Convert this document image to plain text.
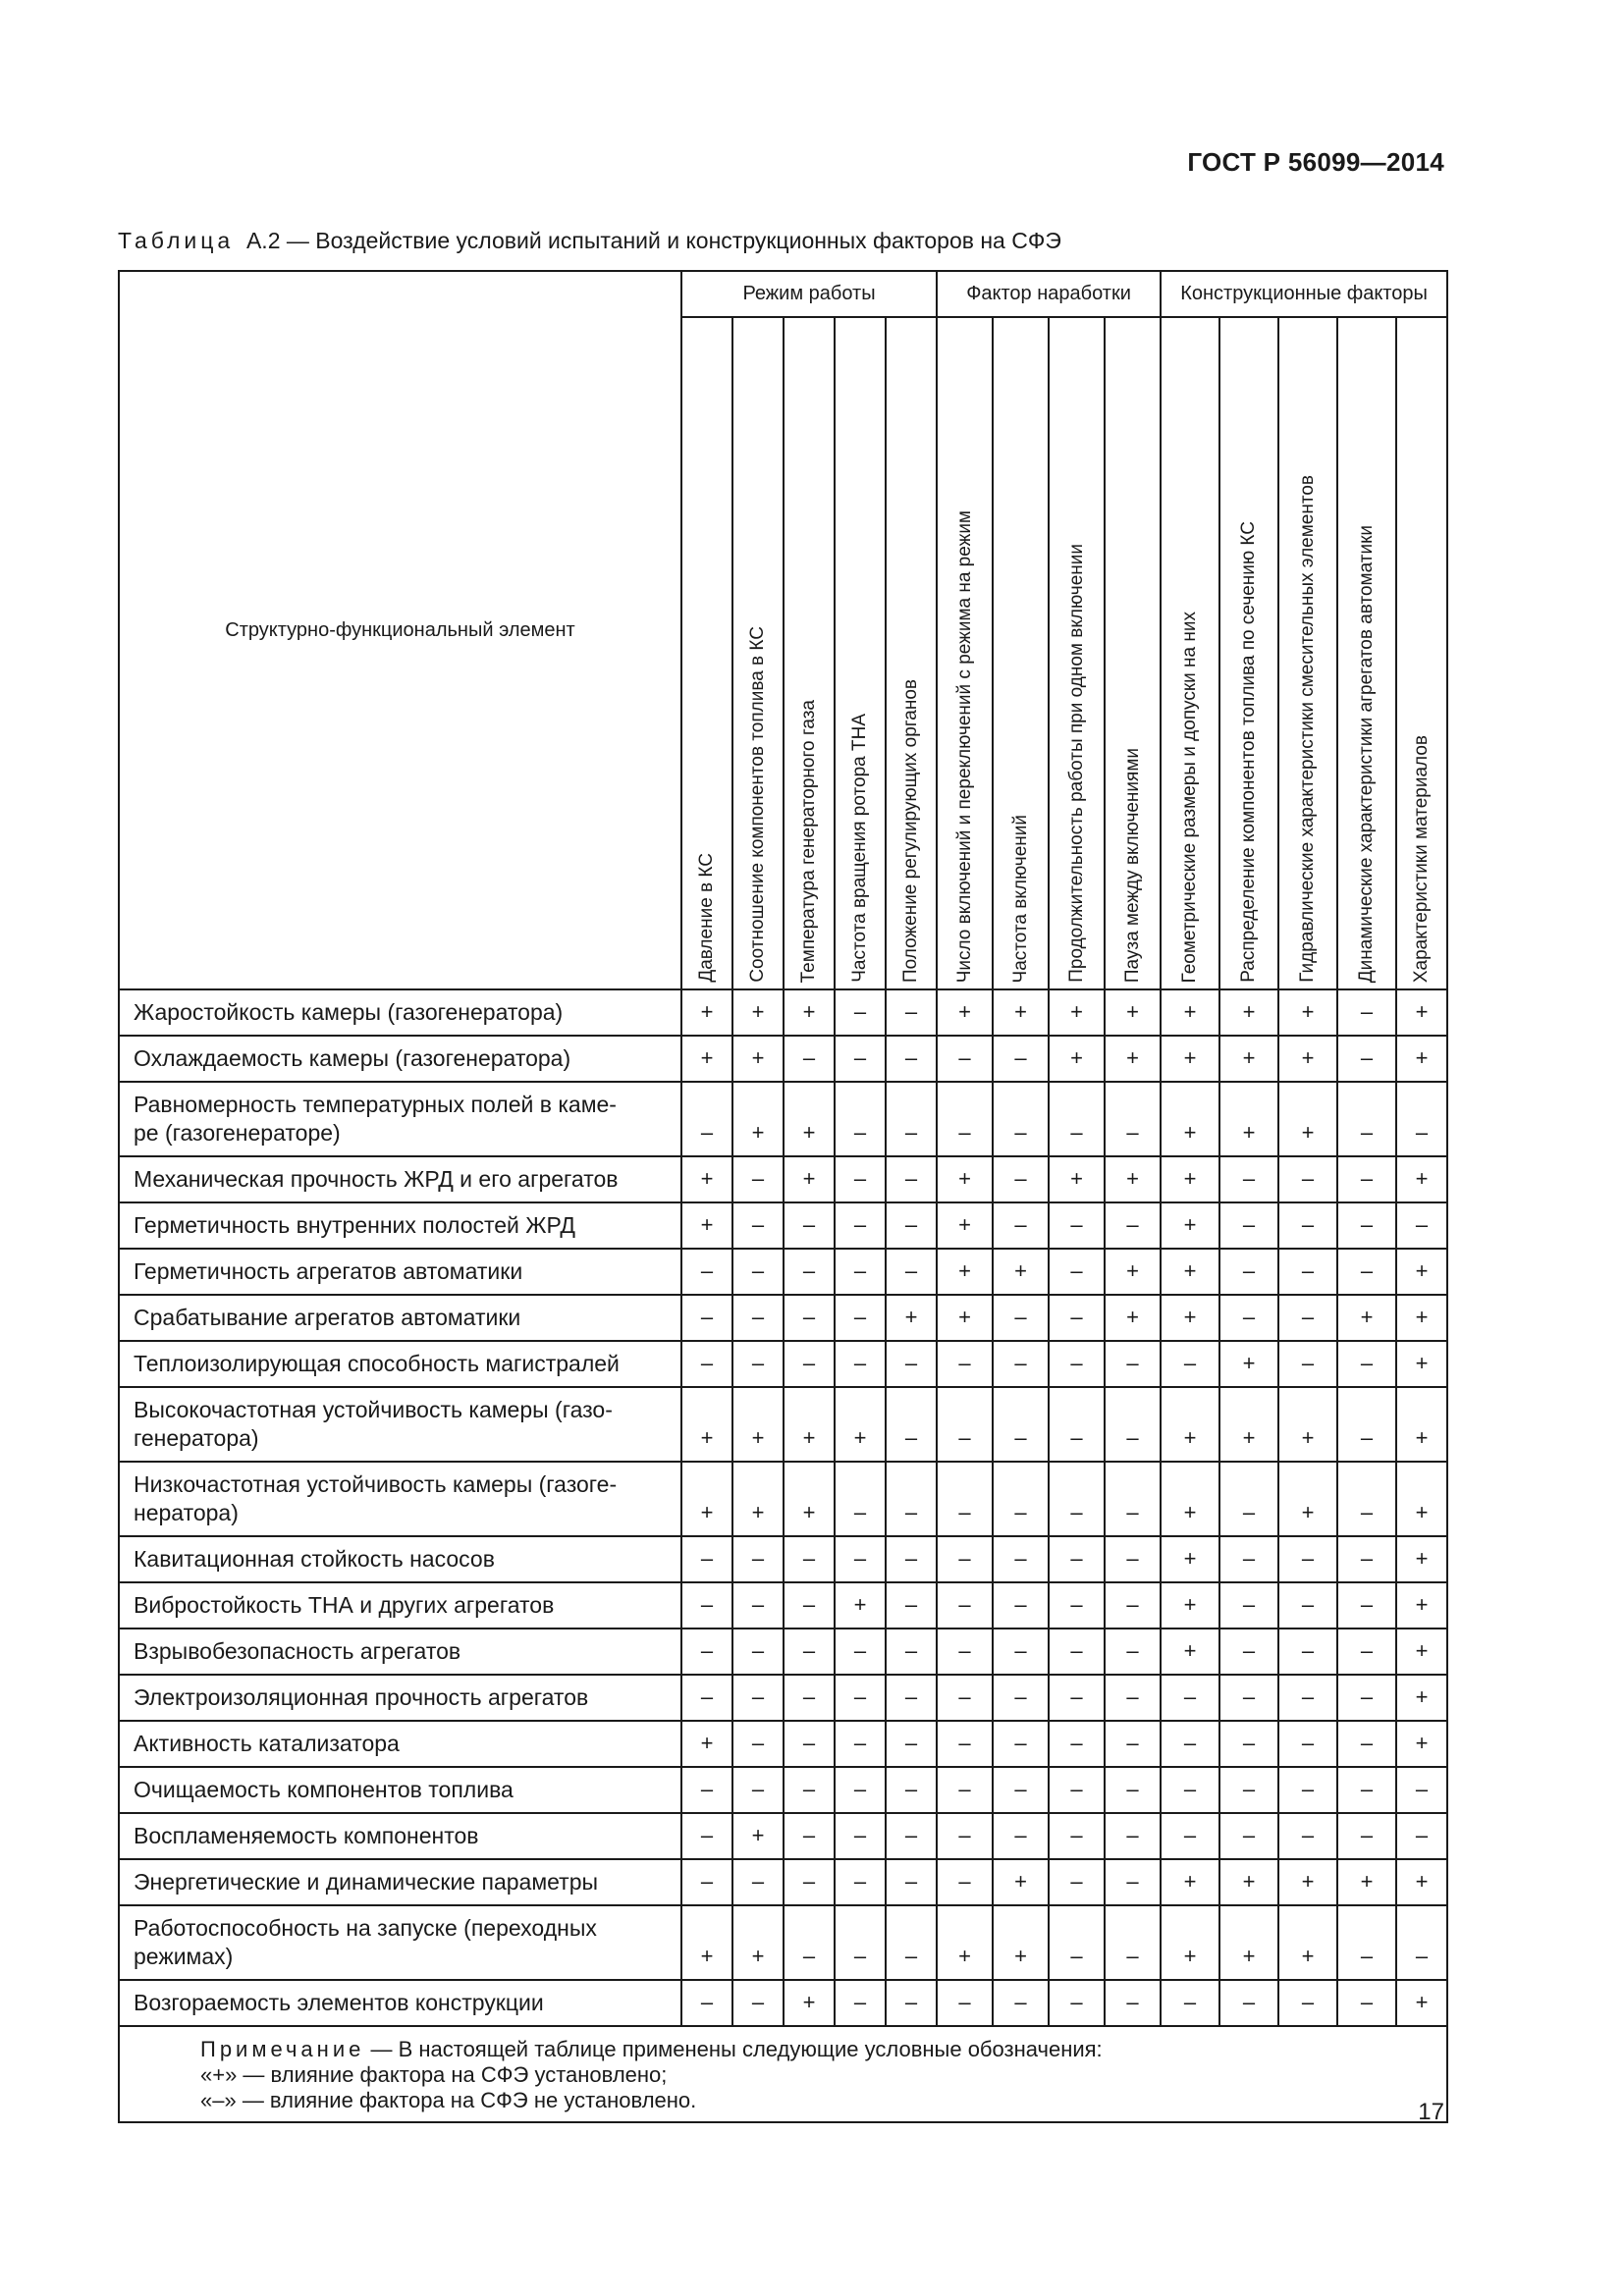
ГОСТ Р 56099—2014
Таблица А.2 — Воздействие условий испытаний и конструкционных факторов на СФЭ
Структурно-функциональный элемент	Режим работы					Фактор наработки				Конструкционные факторы				
	Давление в КС	Соотношение компонентов топлива в КС	Температура генераторного газа	Частота вращения ротора ТНА	Положение регулирующих органов	Число включений и переключений с режима на режим	Частота включений	Продолжительность работы при одном включении	Пауза между включениями	Геометрические размеры и допуски на них	Распределение компонентов топлива по сечению КС	Гидравлические характеристики смесительных элементов	Динамические характеристики агрегатов автоматики	Характеристики материалов
Жаростойкость камеры (газогенератора)	+	+	+	–	–	+	+	+	+	+	+	+	–	+
Охлаждаемость камеры (газогенератора)	+	+	–	–	–	–	–	+	+	+	+	+	–	+

Равномерность температурных полей в каме-
ре (газогенераторе)	–	+	+	–	–	–	–	–	–	+	+	+	–	–
Механическая прочность ЖРД и его агрегатов	+	–	+	–	–	+	–	+	+	+	–	–	–	+
Герметичность внутренних полостей ЖРД	+	–	–	–	–	+	–	–	–	+	–	–	–	–
Герметичность агрегатов автоматики	–	–	–	–	–	+	+	–	+	+	–	–	–	+
Срабатывание агрегатов автоматики	–	–	–	–	+	+	–	–	+	+	–	–	+	+
Теплоизолирующая способность магистралей	–	–	–	–	–	–	–	–	–	–	+	–	–	+

Высокочастотная устойчивость камеры (газо-
генератора)	+	+	+	+	–	–	–	–	–	+	+	+	–	+

Низкочастотная устойчивость камеры (газоге-
нератора)	+	+	+	–	–	–	–	–	–	+	–	+	–	+
Кавитационная стойкость насосов	–	–	–	–	–	–	–	–	–	+	–	–	–	+
Вибростойкость ТНА и других агрегатов	–	–	–	+	–	–	–	–	–	+	–	–	–	+
Взрывобезопасность агрегатов	–	–	–	–	–	–	–	–	–	+	–	–	–	+
Электроизоляционная прочность агрегатов	–	–	–	–	–	–	–	–	–	–	–	–	–	+
Активность катализатора	+	–	–	–	–	–	–	–	–	–	–	–	–	+
Очищаемость компонентов топлива	–	–	–	–	–	–	–	–	–	–	–	–	–	–
Воспламеняемость компонентов	–	+	–	–	–	–	–	–	–	–	–	–	–	–
Энергетические и динамические параметры	–	–	–	–	–	–	+	–	–	+	+	+	+	+

Работоспособность на запуске (переходных
режимах)	+	+	–	–	–	+	+	–	–	+	+	+	–	–
Возгораемость элементов конструкции	–	–	+	–	–	–	–	–	–	–	–	–	–	+

Примечание — В настоящей таблице применены следующие условные обозначения:
«+» — влияние фактора на СФЭ установлено;
«–» — влияние фактора на СФЭ не установлено.															17
